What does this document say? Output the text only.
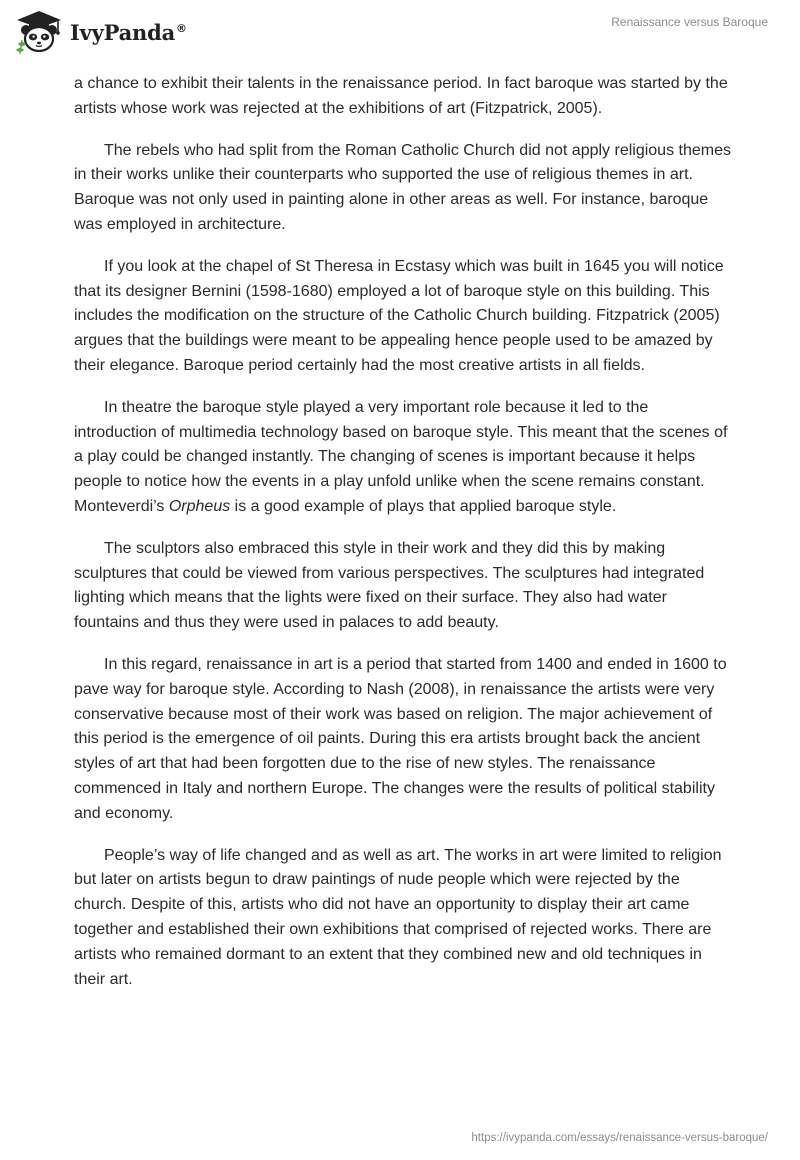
IvyPanda®	Renaissance versus Baroque

a chance to exhibit their talents in the renaissance period. In fact baroque was started by the artists whose work was rejected at the exhibitions of art (Fitzpatrick, 2005).

The rebels who had split from the Roman Catholic Church did not apply religious themes in their works unlike their counterparts who supported the use of religious themes in art. Baroque was not only used in painting alone in other areas as well. For instance, baroque was employed in architecture.

If you look at the chapel of St Theresa in Ecstasy which was built in 1645 you will notice that its designer Bernini (1598-1680) employed a lot of baroque style on this building. This includes the modification on the structure of the Catholic Church building. Fitzpatrick (2005) argues that the buildings were meant to be appealing hence people used to be amazed by their elegance. Baroque period certainly had the most creative artists in all fields.

In theatre the baroque style played a very important role because it led to the introduction of multimedia technology based on baroque style. This meant that the scenes of a play could be changed instantly. The changing of scenes is important because it helps people to notice how the events in a play unfold unlike when the scene remains constant. Monteverdi’s Orpheus is a good example of plays that applied baroque style.

The sculptors also embraced this style in their work and they did this by making sculptures that could be viewed from various perspectives. The sculptures had integrated lighting which means that the lights were fixed on their surface. They also had water fountains and thus they were used in palaces to add beauty.

In this regard, renaissance in art is a period that started from 1400 and ended in 1600 to pave way for baroque style. According to Nash (2008), in renaissance the artists were very conservative because most of their work was based on religion. The major achievement of this period is the emergence of oil paints. During this era artists brought back the ancient styles of art that had been forgotten due to the rise of new styles. The renaissance commenced in Italy and northern Europe. The changes were the results of political stability and economy.

People’s way of life changed and as well as art. The works in art were limited to religion but later on artists begun to draw paintings of nude people which were rejected by the church. Despite of this, artists who did not have an opportunity to display their art came together and established their own exhibitions that comprised of rejected works. There are artists who remained dormant to an extent that they combined new and old techniques in their art.

https://ivypanda.com/essays/renaissance-versus-baroque/
